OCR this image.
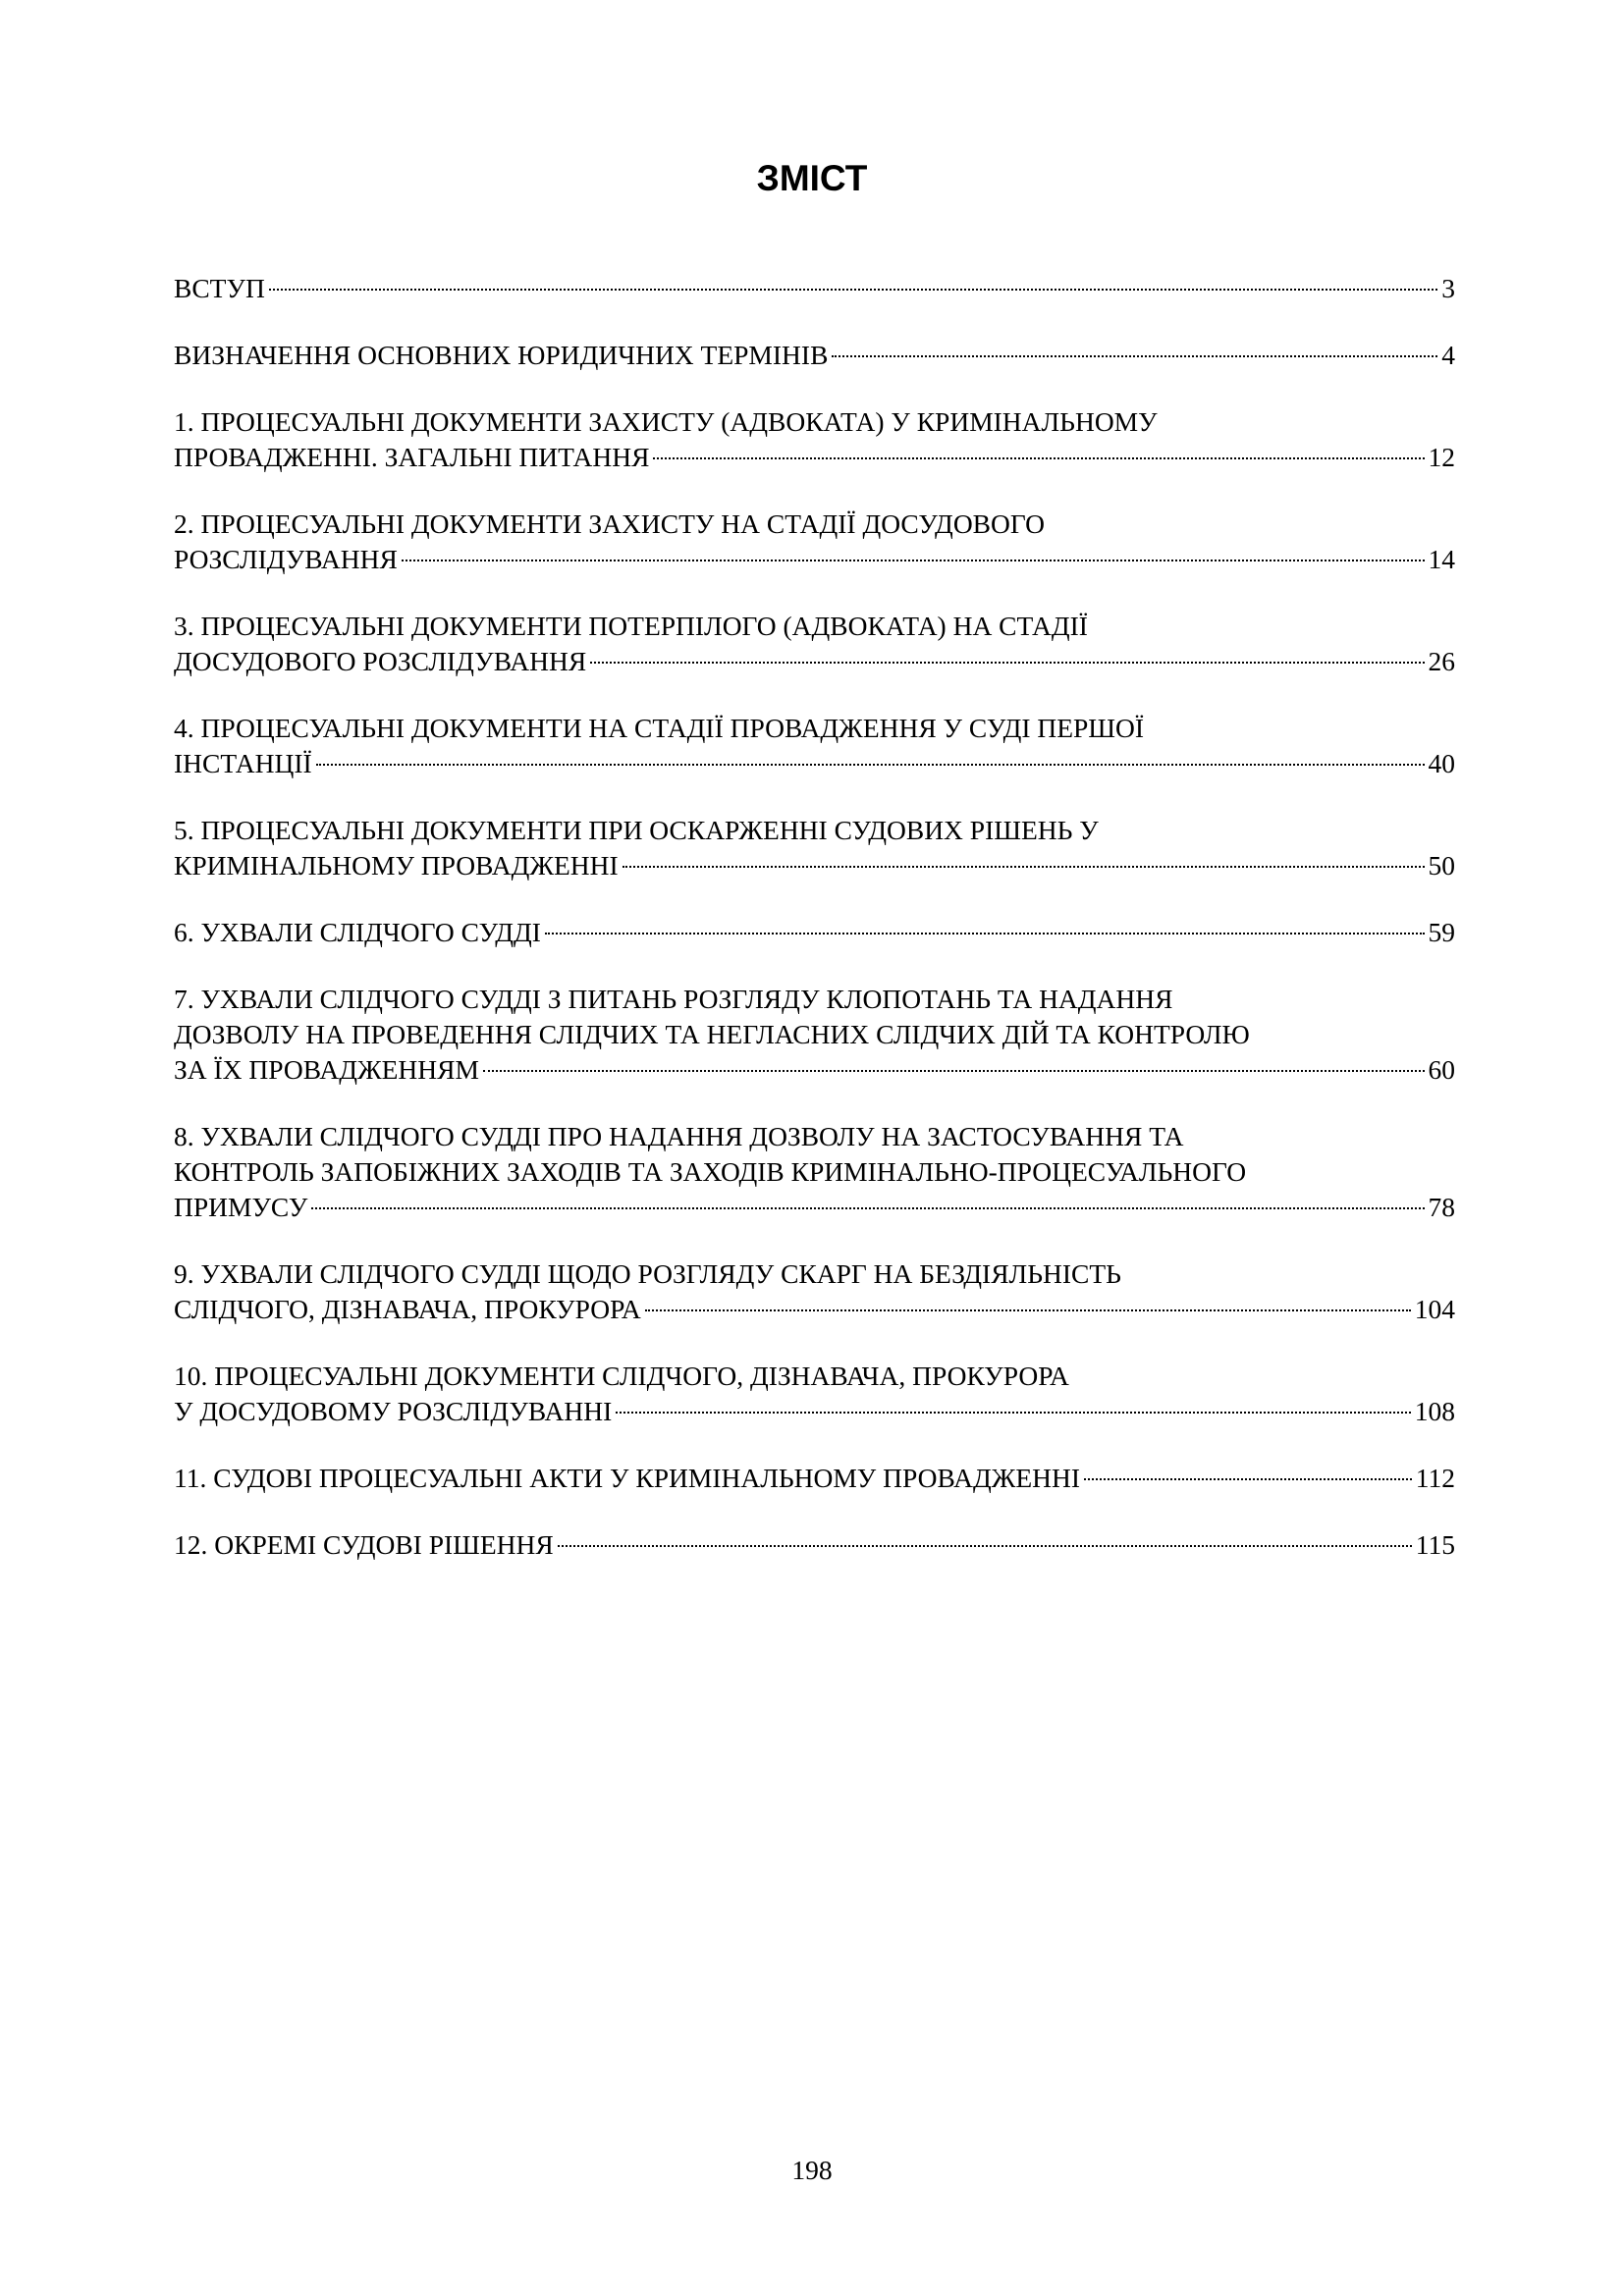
ЗМІСТ
ВСТУП	3
ВИЗНАЧЕННЯ ОСНОВНИХ ЮРИДИЧНИХ ТЕРМІНІВ	4
1. ПРОЦЕСУАЛЬНІ ДОКУМЕНТИ ЗАХИСТУ (АДВОКАТА) У КРИМІНАЛЬНОМУ
ПРОВАДЖЕННІ. ЗАГАЛЬНІ ПИТАННЯ	12
2. ПРОЦЕСУАЛЬНІ ДОКУМЕНТИ ЗАХИСТУ НА СТАДІЇ ДОСУДОВОГО
РОЗСЛІДУВАННЯ	14
3. ПРОЦЕСУАЛЬНІ ДОКУМЕНТИ ПОТЕРПІЛОГО (АДВОКАТА) НА СТАДІЇ
ДОСУДОВОГО РОЗСЛІДУВАННЯ	26
4. ПРОЦЕСУАЛЬНІ ДОКУМЕНТИ НА СТАДІЇ ПРОВАДЖЕННЯ У СУДІ ПЕРШОЇ
ІНСТАНЦІЇ	40
5. ПРОЦЕСУАЛЬНІ ДОКУМЕНТИ ПРИ ОСКАРЖЕННІ СУДОВИХ РІШЕНЬ У
КРИМІНАЛЬНОМУ ПРОВАДЖЕННІ	50
6. УХВАЛИ СЛІДЧОГО СУДДІ	59
7. УХВАЛИ СЛІДЧОГО СУДДІ З ПИТАНЬ РОЗГЛЯДУ КЛОПОТАНЬ ТА НАДАННЯ
ДОЗВОЛУ НА ПРОВЕДЕННЯ СЛІДЧИХ ТА НЕГЛАСНИХ СЛІДЧИХ ДІЙ ТА КОНТРОЛЮ
ЗА ЇХ ПРОВАДЖЕННЯМ	60
8. УХВАЛИ СЛІДЧОГО СУДДІ ПРО НАДАННЯ ДОЗВОЛУ НА ЗАСТОСУВАННЯ ТА
КОНТРОЛЬ ЗАПОБІЖНИХ ЗАХОДІВ ТА ЗАХОДІВ КРИМІНАЛЬНО-ПРОЦЕСУАЛЬНОГО
ПРИМУСУ	78
9. УХВАЛИ СЛІДЧОГО СУДДІ ЩОДО РОЗГЛЯДУ СКАРГ НА БЕЗДІЯЛЬНІСТЬ
СЛІДЧОГО, ДІЗНАВАЧА, ПРОКУРОРА	104
10. ПРОЦЕСУАЛЬНІ ДОКУМЕНТИ СЛІДЧОГО, ДІЗНАВАЧА, ПРОКУРОРА
У ДОСУДОВОМУ РОЗСЛІДУВАННІ	108
11. СУДОВІ ПРОЦЕСУАЛЬНІ АКТИ У КРИМІНАЛЬНОМУ ПРОВАДЖЕННІ	112
12. ОКРЕМІ СУДОВІ РІШЕННЯ	115
198
